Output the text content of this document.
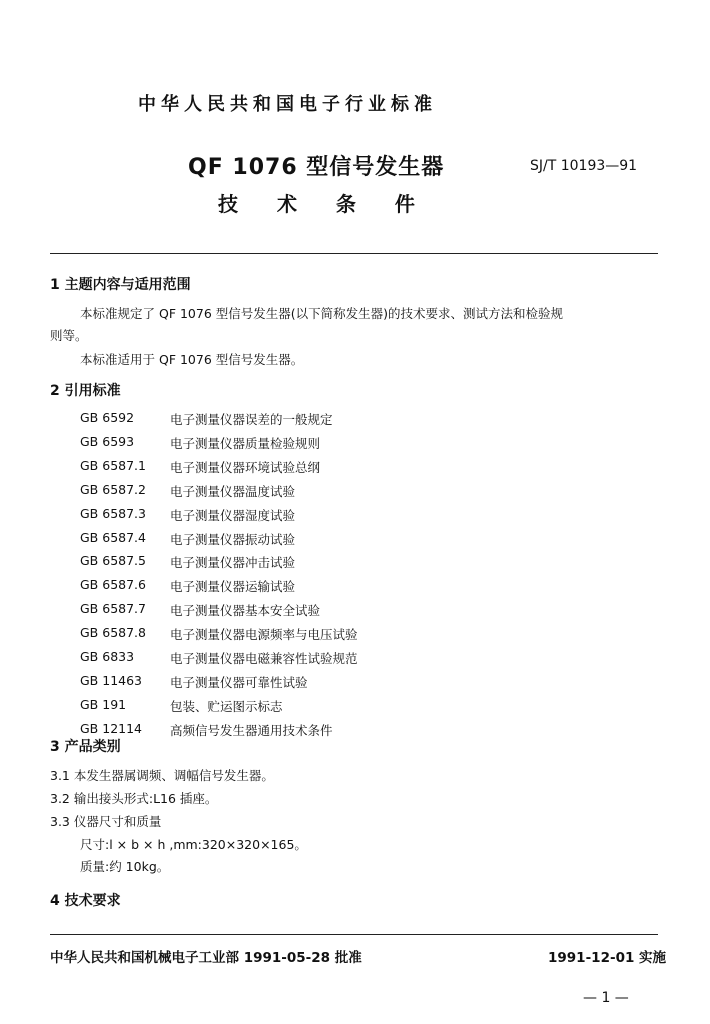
中华人民共和国电子行业标准
QF 1076 型信号发生器	SJ/T 10193—91
技 术 条 件
1 主题内容与适用范围
本标准规定了 QF 1076 型信号发生器(以下简称发生器)的技术要求、测试方法和检验规
则等。
本标准适用于 QF 1076 型信号发生器。
2 引用标准
GB 6592	电子测量仪器误差的一般规定
GB 6593	电子测量仪器质量检验规则
GB 6587.1 电子测量仪器环境试验总纲
GB 6587.2 电子测量仪器温度试验
GB 6587.3 电子测量仪器湿度试验
GB 6587.4 电子测量仪器振动试验
GB 6587.5 电子测量仪器冲击试验
GB 6587.6 电子测量仪器运输试验
GB 6587.7 电子测量仪器基本安全试验
GB 6587.8 电子测量仪器电源频率与电压试验
GB 6833	电子测量仪器电磁兼容性试验规范
GB 11463 电子测量仪器可靠性试验
GB 191	包装、贮运图示标志
GB 12114 高频信号发生器通用技术条件
3 产品类别
3.1 本发生器属调频、调幅信号发生器。
3.2 输出接头形式:L16 插座。
3.3 仪器尺寸和质量
尺寸:l × b × h ,mm:320×320×165。
质量:约 10kg。
4 技术要求
中华人民共和国机械电子工业部 1991-05-28 批准	1991-12-01 实施
— 1 —
